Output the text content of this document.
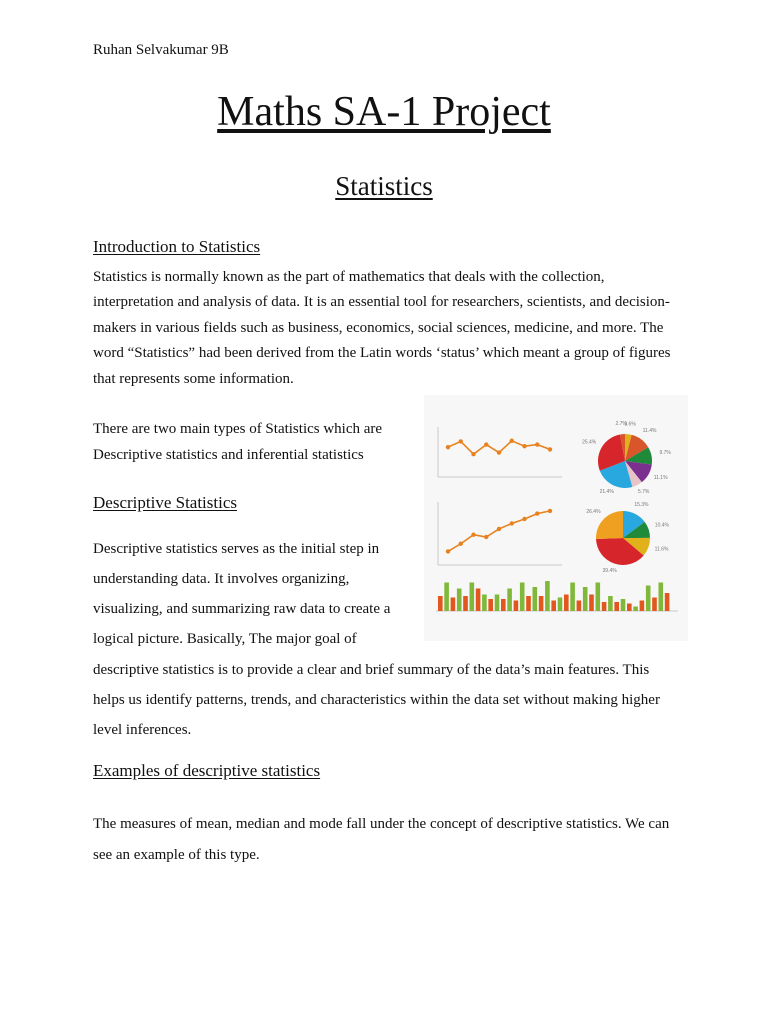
Ruhan Selvakumar 9B
Maths SA-1 Project
Statistics
Introduction to Statistics
Statistics is normally known as the part of mathematics that deals with the collection, interpretation and analysis of data. It is an essential tool for researchers, scientists, and decision-makers in various fields such as business, economics, social sciences, medicine, and more. The word “Statistics” had been derived from the Latin words ‘status’ which meant a group of figures that represents some information.
There are two main types of Statistics which are Descriptive statistics and inferential statistics
Descriptive Statistics
Descriptive statistics serves as the initial step in understanding data. It involves organizing, visualizing, and summarizing raw data to create a logical picture. Basically, The major goal of
descriptive statistics is to provide a clear and brief summary of the data’s main features. This helps us identify patterns, trends, and characteristics within the data set without making higher level inferences.
Examples of descriptive statistics
The measures of mean, median and mode fall under the concept of descriptive statistics. We can see an example of this type.
3.6%
11.4%
9.7%
11.1%
5.7%
21.4%
25.4%
2.7%
15.3%
10.4%
11.6%
39.4%
26.4%
